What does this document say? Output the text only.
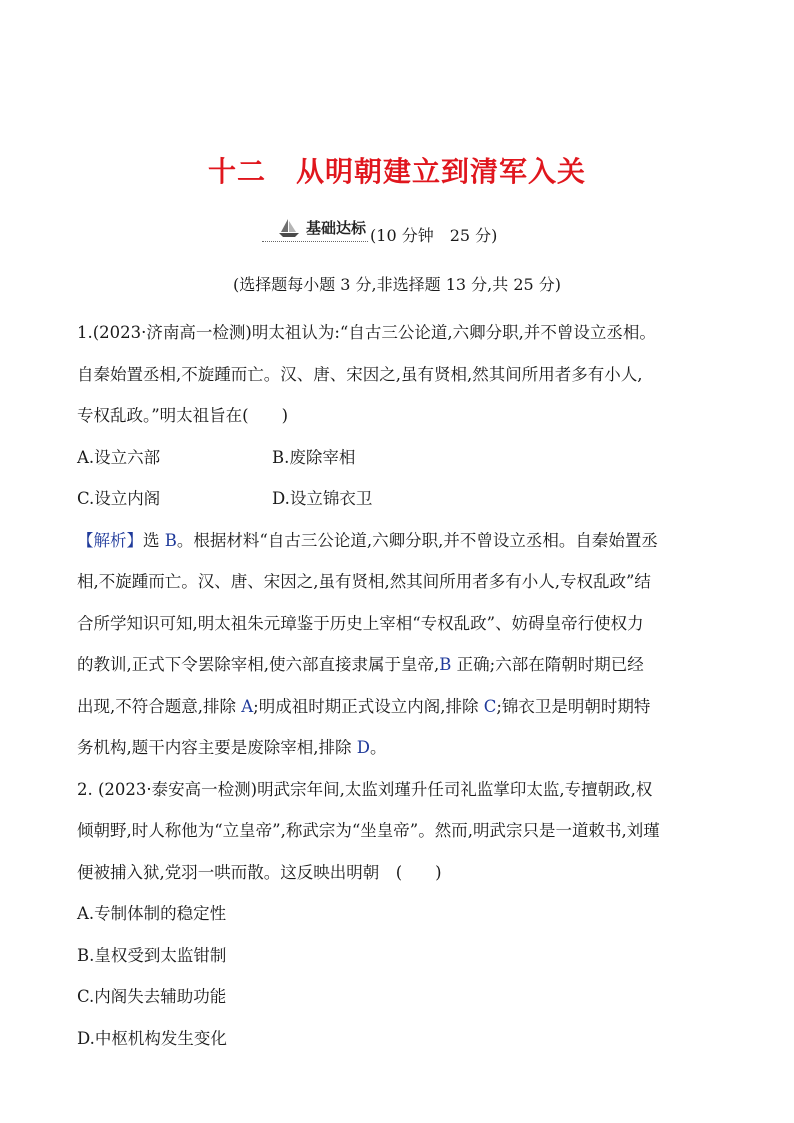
十二 从明朝建立到清军入关
基础达标 (10 分钟　25 分)
(选择题每小题 3 分,非选择题 13 分,共 25 分)

1.(2023·济南高一检测)明太祖认为:“自古三公论道,六卿分职,并不曾设立丞相。

自秦始置丞相,不旋踵而亡。汉、唐、宋因之,虽有贤相,然其间所用者多有小人,

专权乱政。”明太祖旨在(　　)

A.设立六部	B.废除宰相
C.设立内阁	D.设立锦衣卫

【解析】选 B。根据材料“自古三公论道,六卿分职,并不曾设立丞相。自秦始置丞

相,不旋踵而亡。汉、唐、宋因之,虽有贤相,然其间所用者多有小人,专权乱政”结

合所学知识可知,明太祖朱元璋鉴于历史上宰相“专权乱政”、妨碍皇帝行使权力

的教训,正式下令罢除宰相,使六部直接隶属于皇帝,B 正确;六部在隋朝时期已经

出现,不符合题意,排除 A;明成祖时期正式设立内阁,排除 C;锦衣卫是明朝时期特

务机构,题干内容主要是废除宰相,排除 D。

2. (2023·泰安高一检测)明武宗年间,太监刘瑾升任司礼监掌印太监,专擅朝政,权

倾朝野,时人称他为“立皇帝”,称武宗为“坐皇帝”。然而,明武宗只是一道敕书,刘瑾

便被捕入狱,党羽一哄而散。这反映出明朝　(　　)

A.专制体制的稳定性

B.皇权受到太监钳制

C.内阁失去辅助功能

D.中枢机构发生变化
